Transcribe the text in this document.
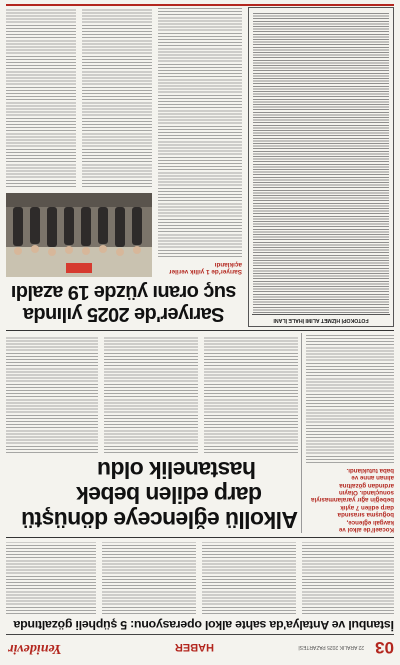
03
22 ARALIK 2025 PAZARTESİ
HABER
Yenidevir
İstanbul ve Antalya'da sahte alkol operasyonu: 5 şüpheli gözaltında
Kocaeli'de alkol ve
kavgalı eğlence,
boğuşma sırasında
darp edilen 7 aylık
bebeğin ağır yaralanmasıyla
sonuçlandı. Olayın
ardından gözaltına
alınan anne ve
baba tutuklandı.
Alkollü eğlenceye dönüştü
darp edilen bebek
hastanelik oldu
FOTOKOPİ HİZMET ALIMI İHALE İLANI
Sarıyer'de 2025 yılında
suç oranı yüzde 19 azaldı
Sarıyer'de 1 yıllık veriler
açıklandı
